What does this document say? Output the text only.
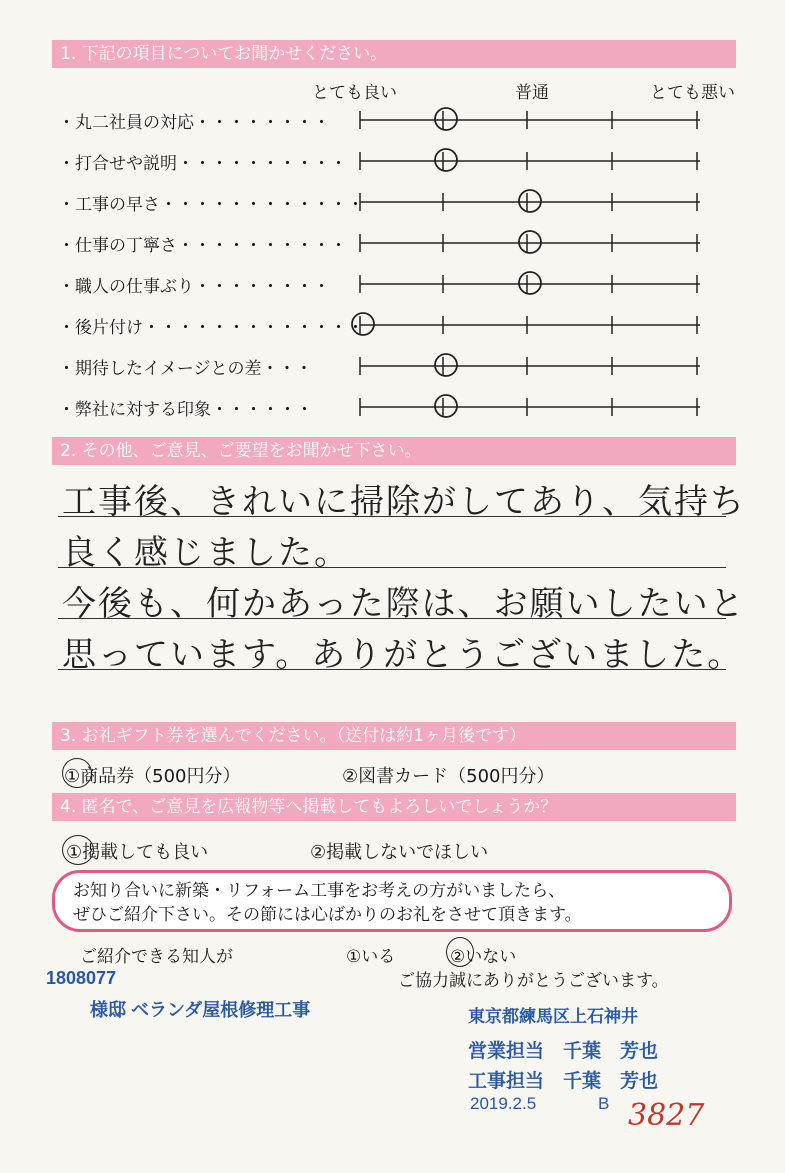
1. 下記の項目についてお聞かせください。
とても良い	普通	とても悪い
・丸二社員の対応・・・・・・・・
・打合せや説明・・・・・・・・・・
・工事の早さ・・・・・・・・・・・・
・仕事の丁寧さ・・・・・・・・・・
・職人の仕事ぶり・・・・・・・・
・後片付け・・・・・・・・・・・・・
・期待したイメージとの差・・・
・弊社に対する印象・・・・・・
2. その他、ご意見、ご要望をお聞かせ下さい。
工事後、きれいに掃除がしてあり、気持ち
良く感じました。
今後も、何かあった際は、お願いしたいと
思っています。ありがとうございました。
3. お礼ギフト券を選んでください。（送付は約1ヶ月後です）
①商品券（500円分）	②図書カード（500円分）
4. 匿名で、ご意見を広報物等へ掲載してもよろしいでしょうか？
①掲載しても良い	②掲載しないでほしい
お知り合いに新築・リフォーム工事をお考えの方がいましたら、
ぜひご紹介下さい。その節には心ばかりのお礼をさせて頂きます。
ご紹介できる知人が	①いる	②いない
ご協力誠にありがとうございます。
1808077
様邸 ベランダ屋根修理工事	東京都練馬区上石神井
営業担当　千葉　芳也
工事担当　千葉　芳也
2019.2.5	B 3827
